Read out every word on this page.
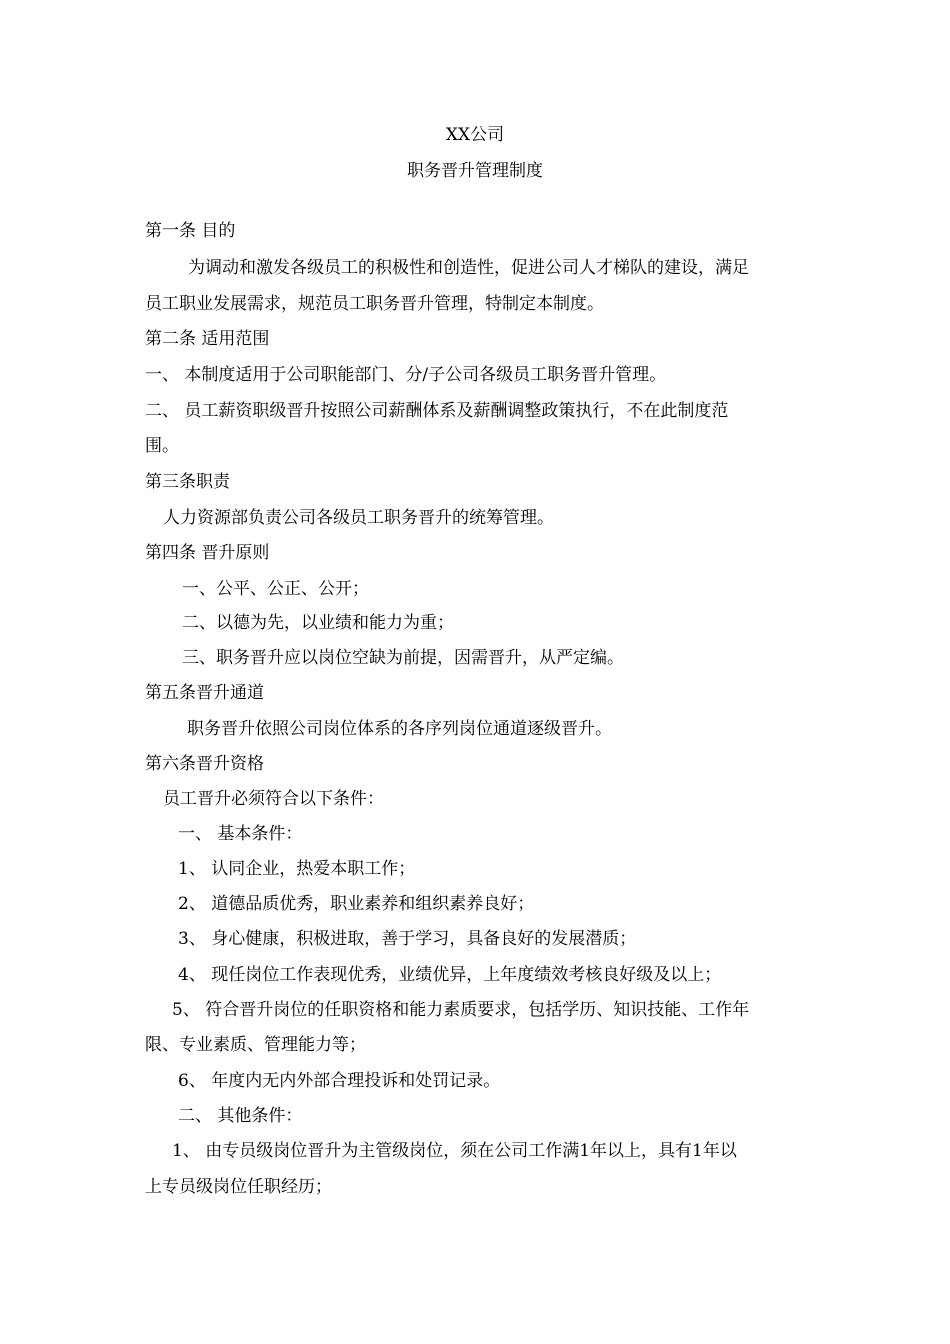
XX公司
职务晋升管理制度
第一条 目的
为调动和激发各级员工的积极性和创造性，促进公司人才梯队的建设，满足
员工职业发展需求，规范员工职务晋升管理，特制定本制度。
第二条 适用范围
一、 本制度适用于公司职能部门、分/子公司各级员工职务晋升管理。
二、 员工薪资职级晋升按照公司薪酬体系及薪酬调整政策执行，不在此制度范
围。
第三条职责
人力资源部负责公司各级员工职务晋升的统筹管理。
第四条 晋升原则
一、公平、公正、公开；
二、以德为先，以业绩和能力为重；
三、职务晋升应以岗位空缺为前提，因需晋升，从严定编。
第五条晋升通道
职务晋升依照公司岗位体系的各序列岗位通道逐级晋升。
第六条晋升资格
员工晋升必须符合以下条件：
一、 基本条件：
1、 认同企业，热爱本职工作；
2、 道德品质优秀，职业素养和组织素养良好；
3、 身心健康，积极进取，善于学习，具备良好的发展潜质；
4、 现任岗位工作表现优秀，业绩优异，上年度绩效考核良好级及以上；
5、 符合晋升岗位的任职资格和能力素质要求，包括学历、知识技能、工作年
限、专业素质、管理能力等；
6、 年度内无内外部合理投诉和处罚记录。
二、 其他条件：
1、 由专员级岗位晋升为主管级岗位，须在公司工作满1年以上，具有1年以
上专员级岗位任职经历；
